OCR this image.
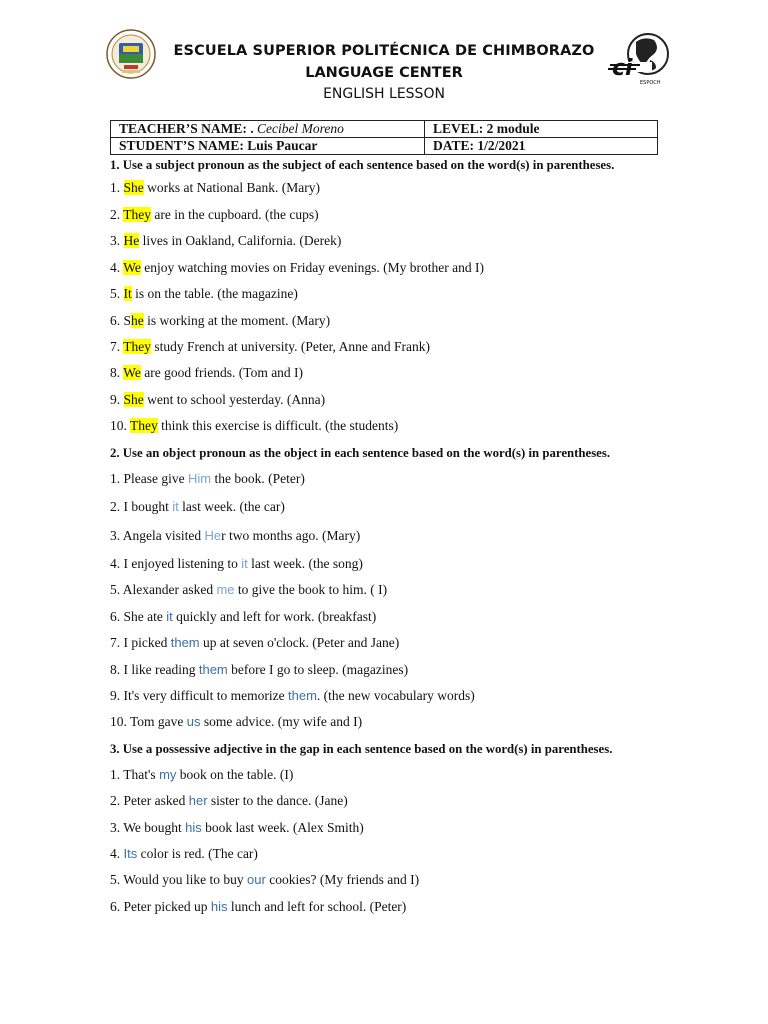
ESPOCH
ESCUELA SUPERIOR POLITÉCNICA DE CHIMBORAZO
LANGUAGE CENTER
ENGLISH LESSON
TEACHER’S NAME: . Cecibel Moreno	LEVEL: 2 module
STUDENT’S NAME: Luis Paucar	DATE: 1/2/2021
1. Use a subject pronoun as the subject of each sentence based on the word(s) in parentheses.
1. She works at National Bank. (Mary)
2. They are in the cupboard. (the cups)
3. He lives in Oakland, California. (Derek)
4. We enjoy watching movies on Friday evenings. (My brother and I)
5. It is on the table. (the magazine)
6. She is working at the moment. (Mary)
7. They study French at university. (Peter, Anne and Frank)
8. We are good friends. (Tom and I)
9. She went to school yesterday. (Anna)
10. They think this exercise is difficult. (the students)
2. Use an object pronoun as the object in each sentence based on the word(s) in parentheses.
1. Please give Him the book. (Peter)
2. I bought it last week. (the car)
3. Angela visited Her two months ago. (Mary)
4. I enjoyed listening to it last week. (the song)
5. Alexander asked me to give the book to him. ( I)
6. She ate it quickly and left for work. (breakfast)
7. I picked them up at seven o'clock. (Peter and Jane)
8. I like reading them before I go to sleep. (magazines)
9. It's very difficult to memorize them. (the new vocabulary words)
10. Tom gave us some advice. (my wife and I)
3. Use a possessive adjective in the gap in each sentence based on the word(s) in parentheses.
1. That's my book on the table. (I)
2. Peter asked her sister to the dance. (Jane)
3. We bought his book last week. (Alex Smith)
4. Its color is red. (The car)
5. Would you like to buy our cookies? (My friends and I)
6. Peter picked up his lunch and left for school. (Peter)
